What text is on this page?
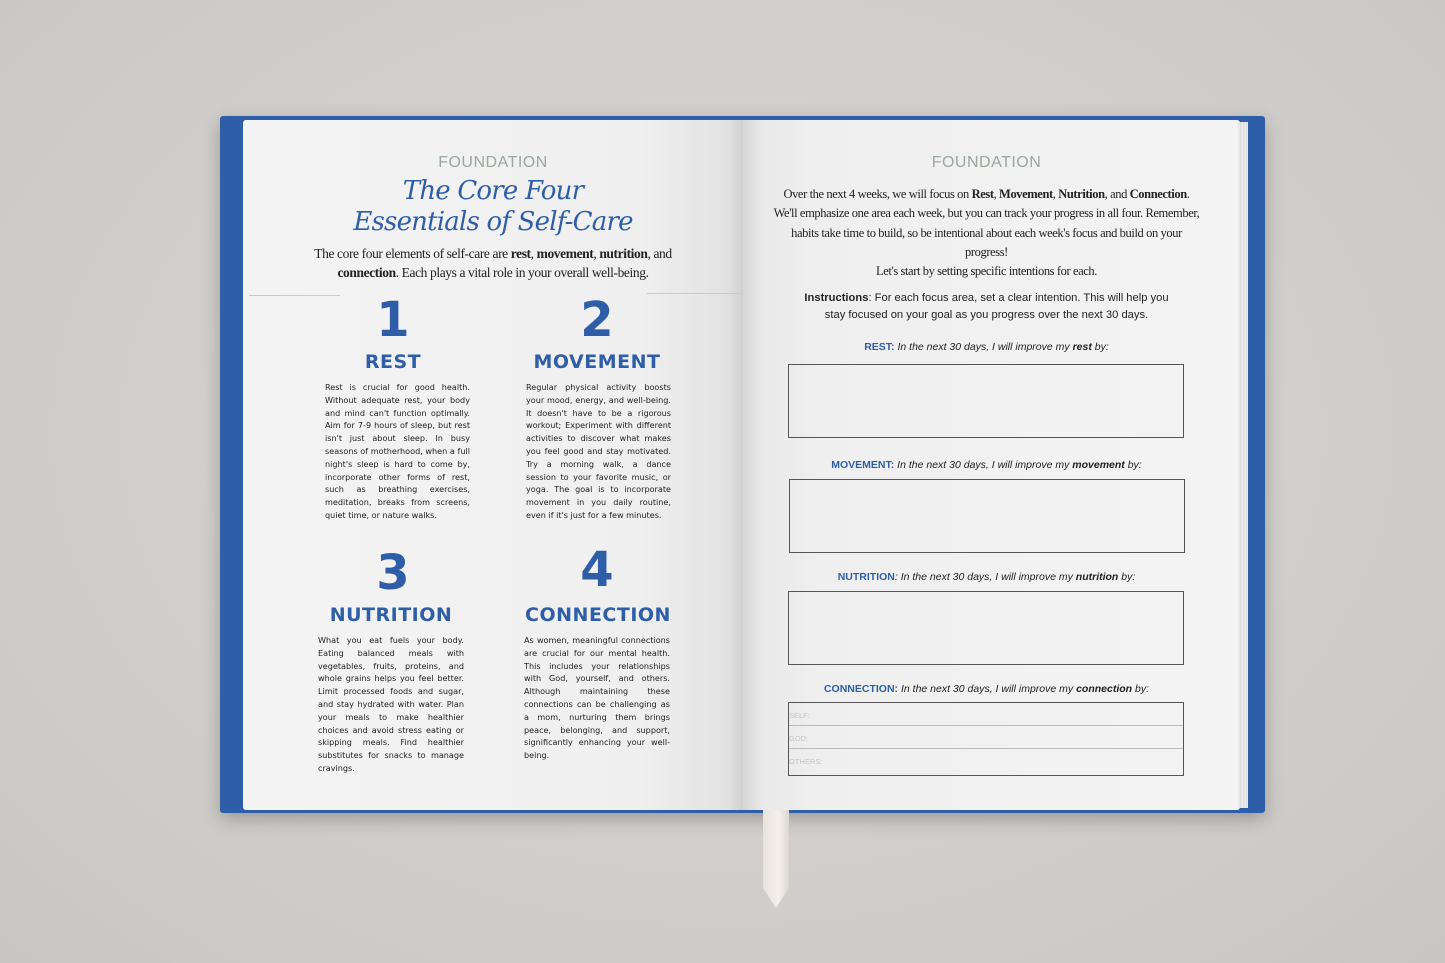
FOUNDATION
The Core Four
Essentials of Self-Care
The core four elements of self-care are rest, movement, nutrition, and
connection. Each plays a vital role in your overall well-being.
1
REST
Rest is crucial for good health. Without adequate rest, your body and mind can't function optimally. Aim for 7-9 hours of sleep, but rest isn't just about sleep. In busy seasons of motherhood, when a full night's sleep is hard to come by, incorporate other forms of rest, such as breathing exercises, meditation, breaks from screens, quiet time, or nature walks.
2
MOVEMENT
Regular physical activity boosts your mood, energy, and well-being. It doesn't have to be a rigorous workout; Experiment with different activities to discover what makes you feel good and stay motivated. Try a morning walk, a dance session to your favorite music, or yoga. The goal is to incorporate movement in you daily routine, even if it's just for a few minutes.
3
NUTRITION
What you eat fuels your body. Eating balanced meals with vegetables, fruits, proteins, and whole grains helps you feel better. Limit processed foods and sugar, and stay hydrated with water. Plan your meals to make healthier choices and avoid stress eating or skipping meals. Find healthier substitutes for snacks to manage cravings.
4
CONNECTION
As women, meaningful connections are crucial for our mental health. This includes your relationships with God, yourself, and others. Although maintaining these connections can be challenging as a mom, nurturing them brings peace, belonging, and support, significantly enhancing your well-being.
FOUNDATION
Over the next 4 weeks, we will focus on Rest, Movement, Nutrition, and Connection.
We'll emphasize one area each week, but you can track your progress in all four. Remember,
habits take time to build, so be intentional about each week's focus and build on your
progress!
Let's start by setting specific intentions for each.
Instructions: For each focus area, set a clear intention. This will help you
stay focused on your goal as you progress over the next 30 days.
REST: In the next 30 days, I will improve my rest by:
MOVEMENT: In the next 30 days, I will improve my movement by:
NUTRITION: In the next 30 days, I will improve my nutrition by:
CONNECTION: In the next 30 days, I will improve my connection by:
SELF:
GOD:
OTHERS:
